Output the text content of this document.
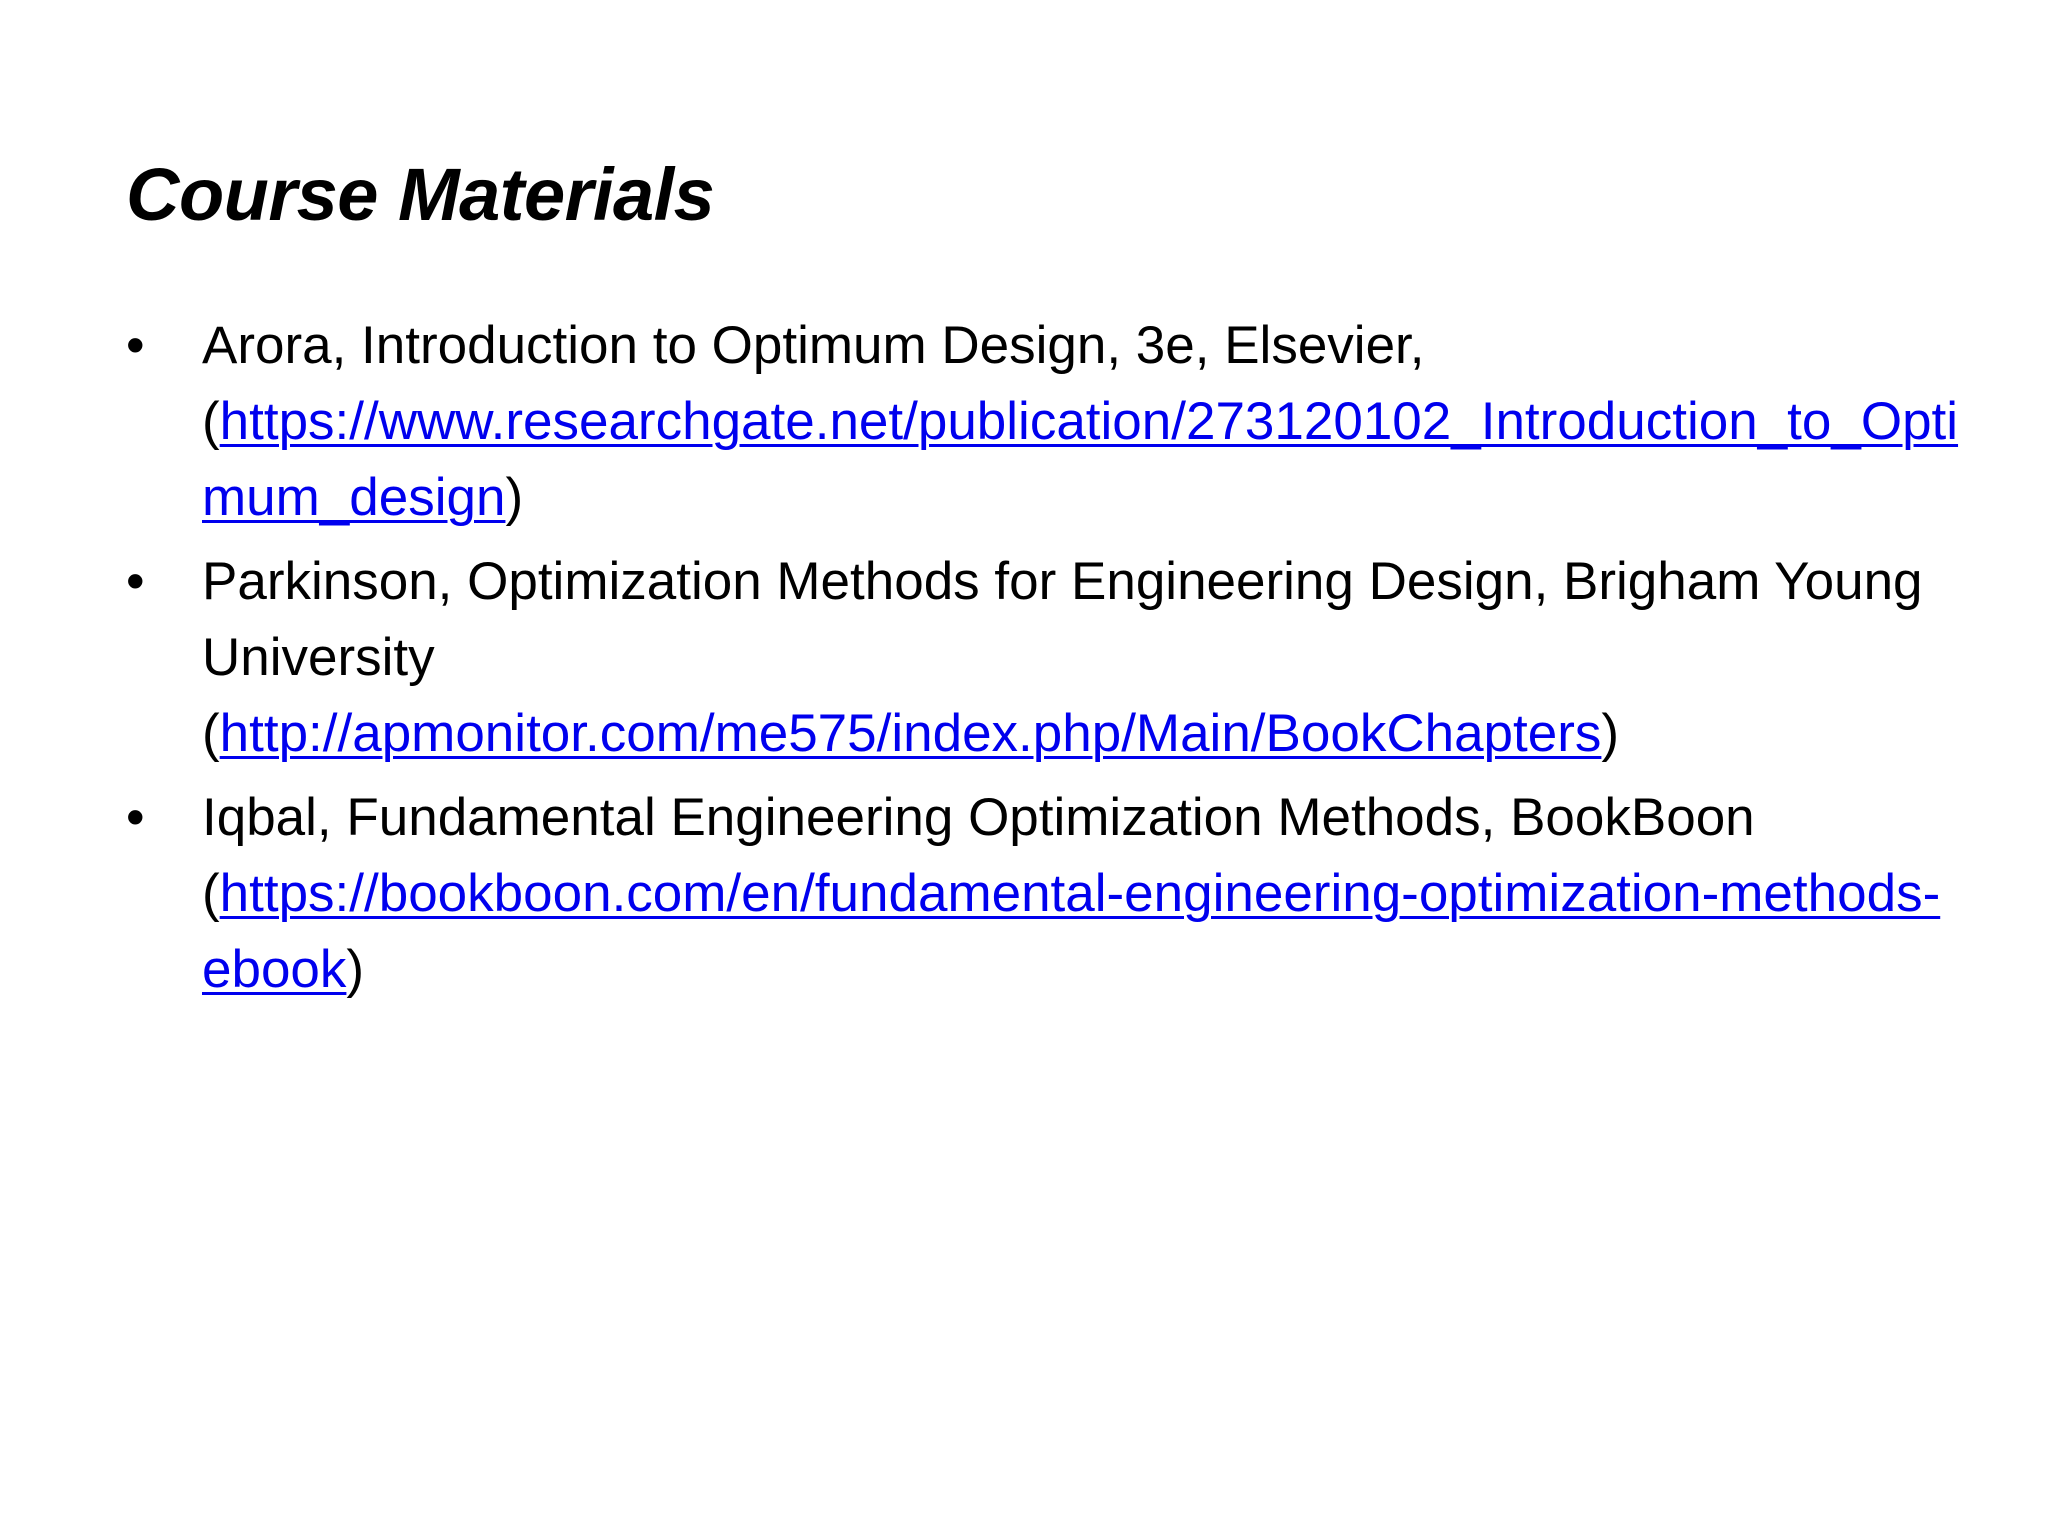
Course Materials
• Arora, Introduction to Optimum Design, 3e, Elsevier,
(https://www.researchgate.net/publication/273120102_Introduction_to_Optimum_design)
• Parkinson, Optimization Methods for Engineering Design, Brigham Young University
(http://apmonitor.com/me575/index.php/Main/BookChapters)
• Iqbal, Fundamental Engineering Optimization Methods, BookBoon
(https://bookboon.com/en/fundamental-engineering-optimization-methods-ebook)
